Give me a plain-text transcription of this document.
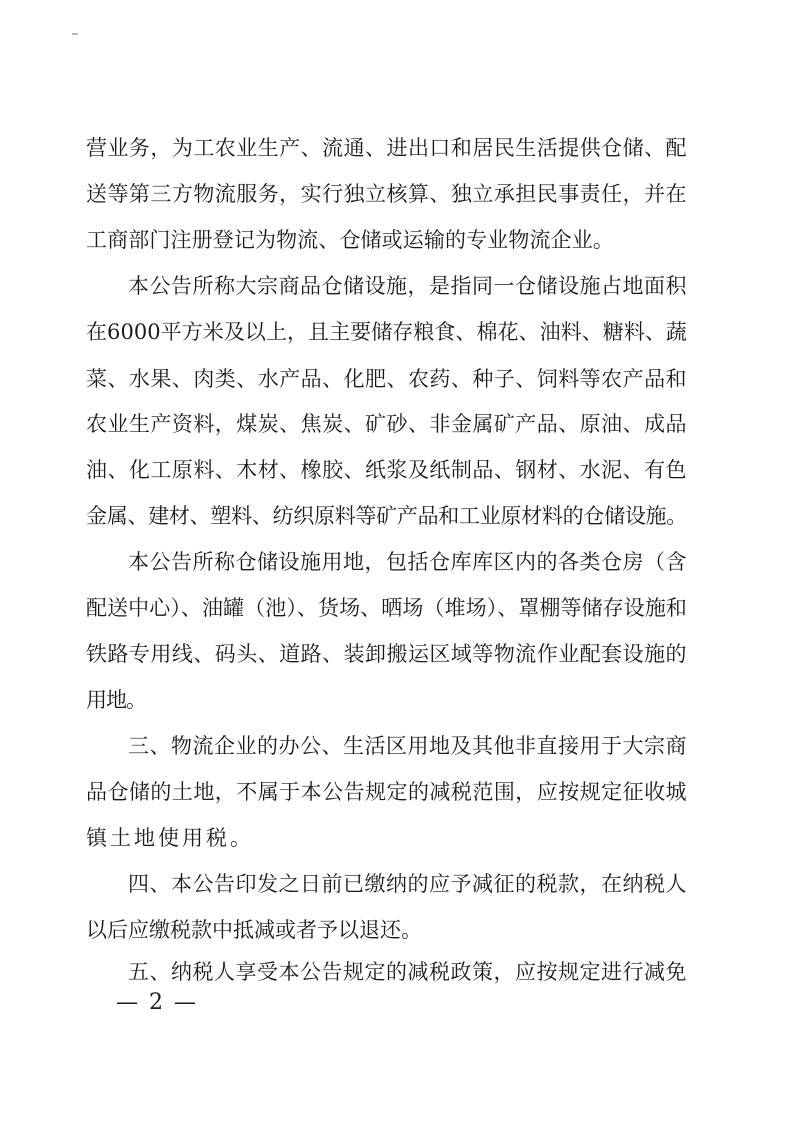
营业务，为工农业生产、流通、进出口和居民生活提供仓储、配
送等第三方物流服务，实行独立核算、独立承担民事责任，并在
工商部门注册登记为物流、仓储或运输的专业物流企业。
本公告所称大宗商品仓储设施，是指同一仓储设施占地面积
在6000平方米及以上，且主要储存粮食、棉花、油料、糖料、蔬
菜、水果、肉类、水产品、化肥、农药、种子、饲料等农产品和
农业生产资料，煤炭、焦炭、矿砂、非金属矿产品、原油、成品
油、化工原料、木材、橡胶、纸浆及纸制品、钢材、水泥、有色
金属、建材、塑料、纺织原料等矿产品和工业原材料的仓储设施。
本公告所称仓储设施用地，包括仓库库区内的各类仓房（含
配送中心）、油罐（池）、货场、晒场（堆场）、罩棚等储存设施和
铁路专用线、码头、道路、装卸搬运区域等物流作业配套设施的
用地。
三、物流企业的办公、生活区用地及其他非直接用于大宗商
品仓储的土地，不属于本公告规定的减税范围，应按规定征收城
镇土地使用税。
四、本公告印发之日前已缴纳的应予减征的税款，在纳税人
以后应缴税款中抵减或者予以退还。
五、纳税人享受本公告规定的减税政策，应按规定进行减免
— 2 —
